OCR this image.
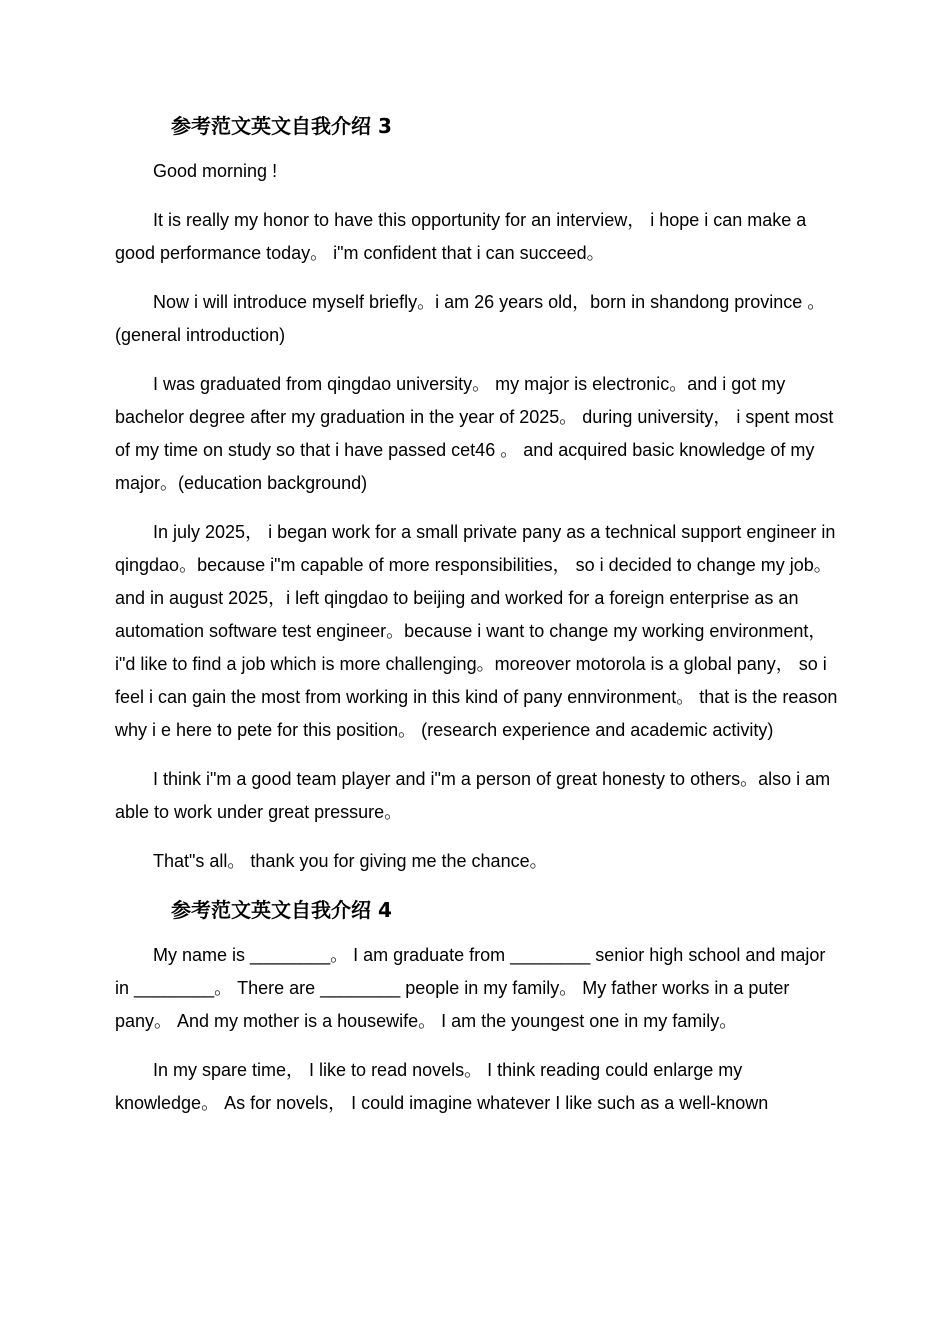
参考范文英文自我介绍 3

Good morning !

It is really my honor to have this opportunity for an interview， i hope i can make a good performance today。 i"m confident that i can succeed。

Now i will introduce myself briefly。i am 26 years old，born in shandong province 。 (general introduction)

I was graduated from qingdao university。 my major is electronic。and i got my bachelor degree after my graduation in the year of 2025。 during university， i spent most of my time on study so that i have passed cet46 。 and acquired basic knowledge of my major。(education background)

In july 2025， i began work for a small private pany as a technical support engineer in qingdao。because i"m capable of more responsibilities， so i decided to change my job。 and in august 2025，i left qingdao to beijing and worked for a foreign enterprise as an automation software test engineer。because i want to change my working environment， i"d like to find a job which is more challenging。moreover motorola is a global pany， so i feel i can gain the most from working in this kind of pany ennvironment。 that is the reason why i e here to pete for this position。 (research experience and academic activity)

I think i"m a good team player and i"m a person of great honesty to others。also i am able to work under great pressure。

That"s all。 thank you for giving me the chance。

参考范文英文自我介绍 4

My name is ________。 I am graduate from ________ senior high school and major in ________。 There are ________ people in my family。 My father works in a puter pany。 And my mother is a housewife。 I am the youngest one in my family。

In my spare time， I like to read novels。 I think reading could enlarge my knowledge。 As for novels， I could imagine whatever I like such as a well-known
